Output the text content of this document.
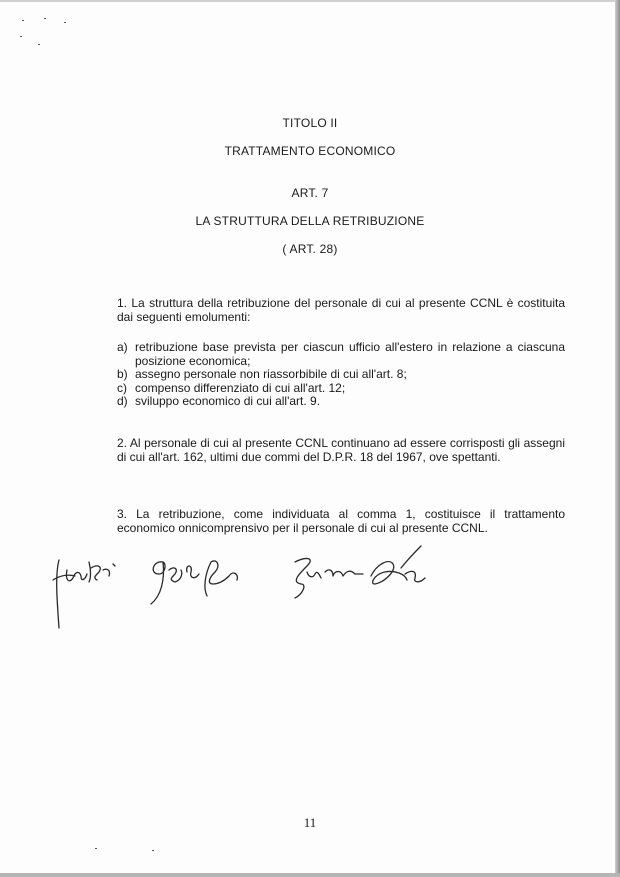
TITOLO II
TRATTAMENTO ECONOMICO
ART. 7
LA STRUTTURA DELLA RETRIBUZIONE
( ART. 28)
1. La struttura della retribuzione del personale di cui al presente CCNL è costituita dai seguenti emolumenti:
a) retribuzione base prevista per ciascun ufficio all'estero in relazione a ciascuna posizione economica;
b) assegno personale non riassorbibile di cui all'art. 8;
c) compenso differenziato di cui all'art. 12;
d) sviluppo economico di cui all'art. 9.
2. Al personale di cui al presente CCNL continuano ad essere corrisposti gli assegni di cui all'art. 162, ultimi due commi del D.P.R. 18 del 1967, ove spettanti.
3. La retribuzione, come individuata al comma 1, costituisce il trattamento economico onnicomprensivo per il personale di cui al presente CCNL.
11
